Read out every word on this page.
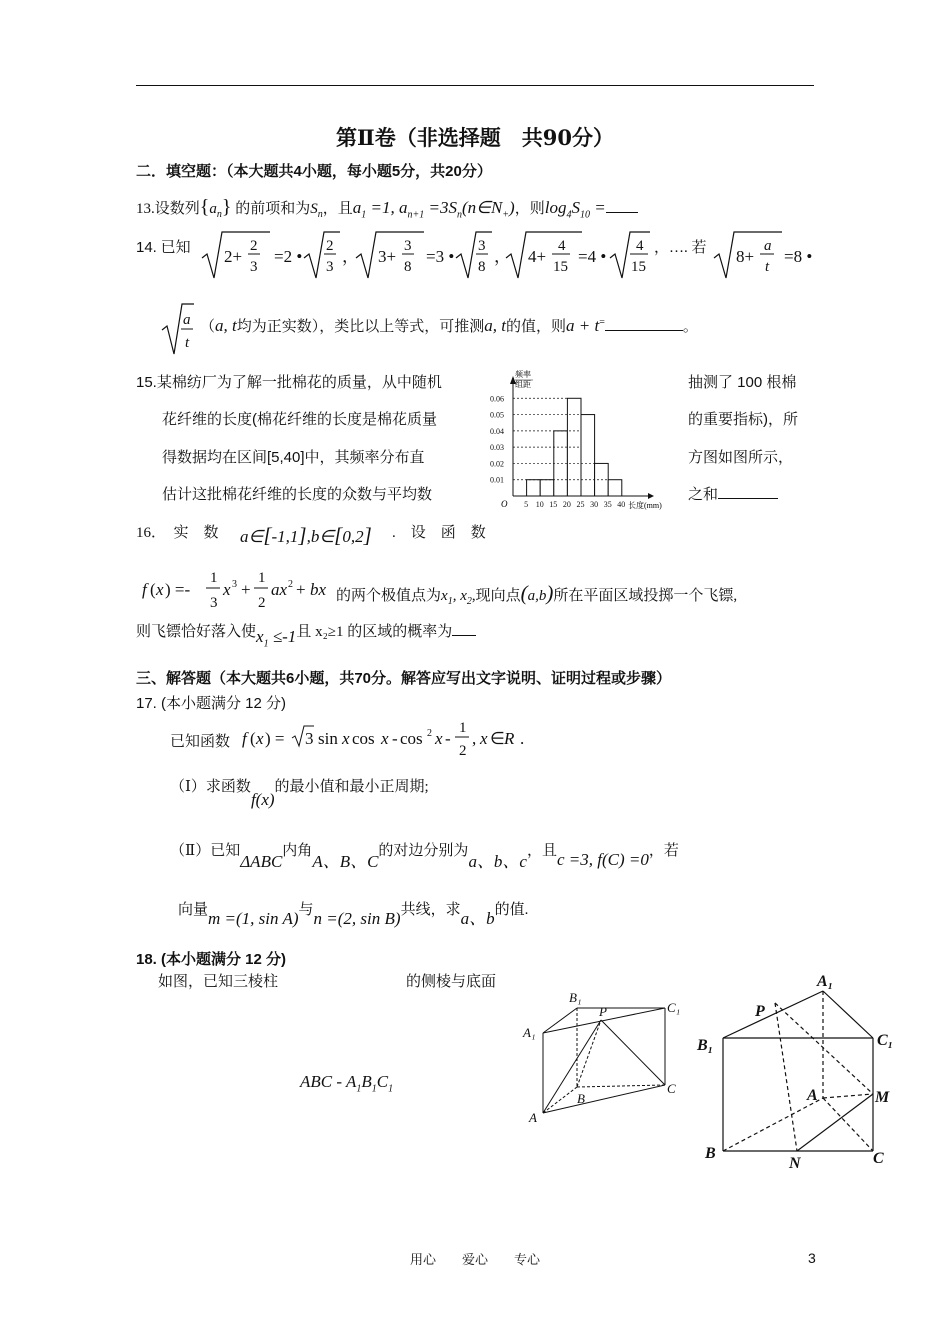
第Ⅱ卷（非选择题　共90分）
二．填空题：（本大题共4小题，每小题5分，共20分）
13.设数列$\{a_n\}$ 的前项和为$S_n$，且$a_1 =1$, $a_{n+1}$ $=3S_n(n\in N_+)$，则$\log_4S_{10}$ =
14. 已知 2+
2
3
=2 •
2
3
， 3+
3
8
=3 •
3
8
， 4+
4
15
=4 •
4
15
，…. 若 8+
a
t
=8 •
a
t
（a, t均为正实数），类比以上等式，可推测a, t的值，则a + t=	。
15.某棉纺厂为了解一批棉花的质量，从中随机	抽测了 100 根棉
花纤维的长度(棉花纤维的长度是棉花质量	的重要指标)，所
得数据均在区间[5,40]中，其频率分布直	方图如图所示，
估计这批棉花纤维的长度的众数与平均数	之和
频率
组距
O	长度(mm)
0.01
0.02
0.03
0.04
0.05
0.06
5 10 15 20 25 30 35 40
16．　 实　数 a∈[-1,1],b∈[0,2] .　设　函　数
f ( x ) =-
1
3
x 3 +
1
2
ax 2 + bx 的两个极值点为$x_1$, $x_2$,现向点(a,b)所在平面区域投掷一个飞镖,
则飞镖恰好落入使$x_1 \le-1$且 x₂≥1 的区域的概率为
三、解答题（本大题共6小题，共70分。解答应写出文字说明、证明过程或步骤）
17. (本小题满分 12 分)
已知函数 f ( x ) = 3 sin x cos x - cos 2 x -
1
2
, x ∈ R .
（Ⅰ）求函数f(x)的最小值和最小正周期;
（Ⅱ）已知ΔABC内角A、B、C的对边分别为a、b、c，且c =3, f(C) =0，若
向量m =(1, sin A)与n =(2, sin B)共线，求a、b的值.
18. (本小题满分 12 分)
如图，已知三棱柱	的侧棱与底面
ABC - $A_1B_1C_1$
B₁
P	C₁
A₁
B
C
A
A₁
P
B₁	C₁
A	M
B
N	C
用心　　爱心　　专心	3
